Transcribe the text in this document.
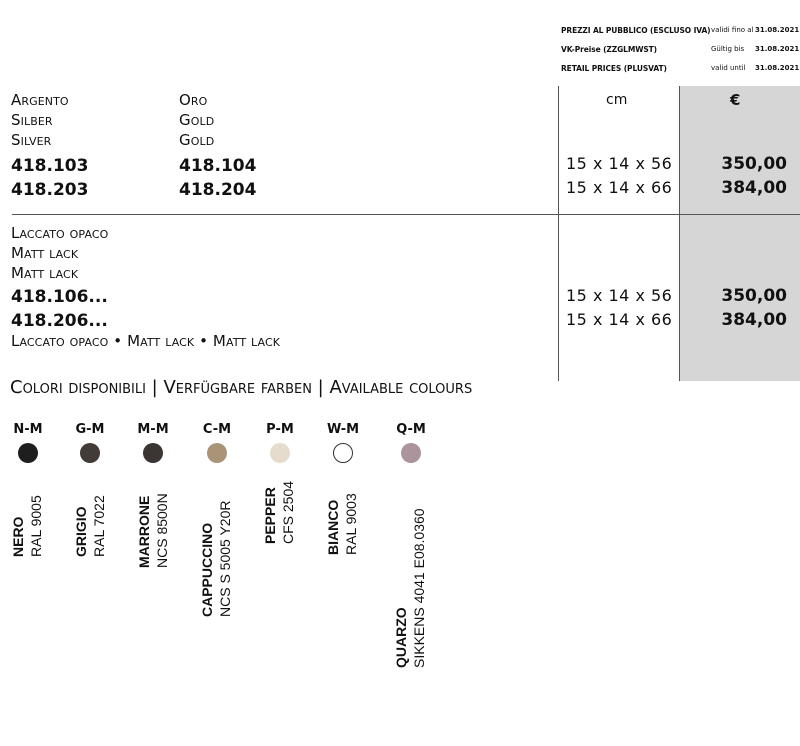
PREZZI AL PUBBLICO (ESCLUSO IVA) validi fino al 31.08.2021
VK-Preise (ZZGLMWST)	Gültig bis 31.08.2021
RETAIL PRICES (PLUSVAT)	valid until 31.08.2021
cm	€
Argento
Silber
Silver
Oro
Gold
Gold
418.103	418.104	15 x 14 x 56	350,00
418.203	418.204	15 x 14 x 66	384,00
Laccato opaco
Matt lack
Matt lack
418.106...	15 x 14 x 56	350,00
418.206...	15 x 14 x 66	384,00
Laccato opaco • Matt lack • Matt lack
Colori disponibili | Verfügbare farben | Available colours
N-M
NERO RAL 9005
G-M
GRIGIO RAL 7022
M-M
MARRONE NCS 8500N
C-M
CAPPUCCINO NCS S 5005 Y20R
P-M
PEPPER CFS 2504
W-M
BIANCO RAL 9003
Q-M
QUARZO SIKKENS 4041 E08.0360
